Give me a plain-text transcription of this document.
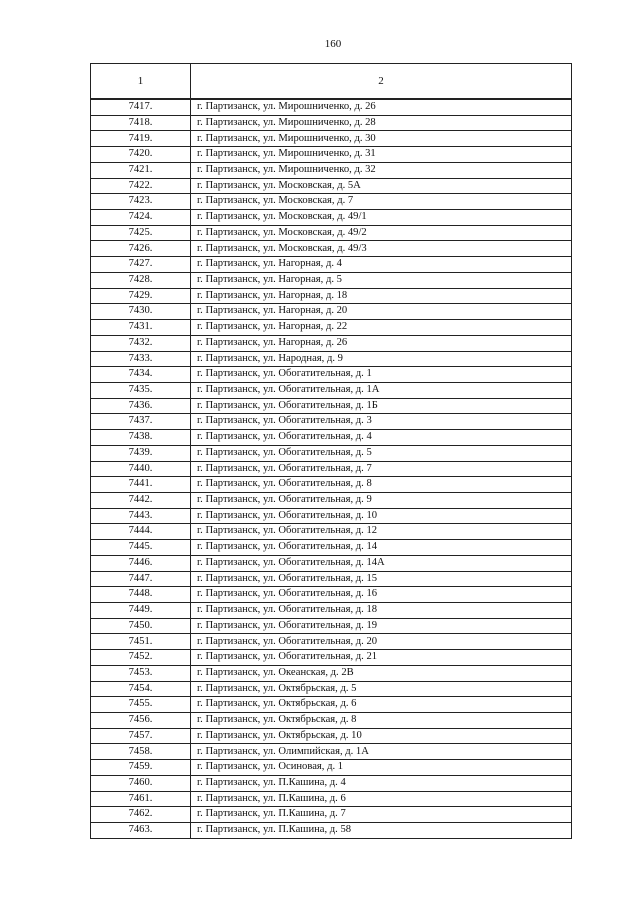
160
1	2
7417.	г. Партизанск, ул. Мирошниченко, д. 26
7418.	г. Партизанск, ул. Мирошниченко, д. 28
7419.	г. Партизанск, ул. Мирошниченко, д. 30
7420.	г. Партизанск, ул. Мирошниченко, д. 31
7421.	г. Партизанск, ул. Мирошниченко, д. 32
7422.	г. Партизанск, ул. Московская, д. 5А
7423.	г. Партизанск, ул. Московская, д. 7
7424.	г. Партизанск, ул. Московская, д. 49/1
7425.	г. Партизанск, ул. Московская, д. 49/2
7426.	г. Партизанск, ул. Московская, д. 49/3
7427.	г. Партизанск, ул. Нагорная, д. 4
7428.	г. Партизанск, ул. Нагорная, д. 5
7429.	г. Партизанск, ул. Нагорная, д. 18
7430.	г. Партизанск, ул. Нагорная, д. 20
7431.	г. Партизанск, ул. Нагорная, д. 22
7432.	г. Партизанск, ул. Нагорная, д. 26
7433.	г. Партизанск, ул. Народная, д. 9
7434.	г. Партизанск, ул. Обогатительная, д. 1
7435.	г. Партизанск, ул. Обогатительная, д. 1А
7436.	г. Партизанск, ул. Обогатительная, д. 1Б
7437.	г. Партизанск, ул. Обогатительная, д. 3
7438.	г. Партизанск, ул. Обогатительная, д. 4
7439.	г. Партизанск, ул. Обогатительная, д. 5
7440.	г. Партизанск, ул. Обогатительная, д. 7
7441.	г. Партизанск, ул. Обогатительная, д. 8
7442.	г. Партизанск, ул. Обогатительная, д. 9
7443.	г. Партизанск, ул. Обогатительная, д. 10
7444.	г. Партизанск, ул. Обогатительная, д. 12
7445.	г. Партизанск, ул. Обогатительная, д. 14
7446.	г. Партизанск, ул. Обогатительная, д. 14А
7447.	г. Партизанск, ул. Обогатительная, д. 15
7448.	г. Партизанск, ул. Обогатительная, д. 16
7449.	г. Партизанск, ул. Обогатительная, д. 18
7450.	г. Партизанск, ул. Обогатительная, д. 19
7451.	г. Партизанск, ул. Обогатительная, д. 20
7452.	г. Партизанск, ул. Обогатительная, д. 21
7453.	г. Партизанск, ул. Океанская, д. 2В
7454.	г. Партизанск, ул. Октябрьская, д. 5
7455.	г. Партизанск, ул. Октябрьская, д. 6
7456.	г. Партизанск, ул. Октябрьская, д. 8
7457.	г. Партизанск, ул. Октябрьская, д. 10
7458.	г. Партизанск, ул. Олимпийская, д. 1А
7459.	г. Партизанск, ул. Осиновая, д. 1
7460.	г. Партизанск, ул. П.Кашина, д. 4
7461.	г. Партизанск, ул. П.Кашина, д. 6
7462.	г. Партизанск, ул. П.Кашина, д. 7
7463.	г. Партизанск, ул. П.Кашина, д. 58
